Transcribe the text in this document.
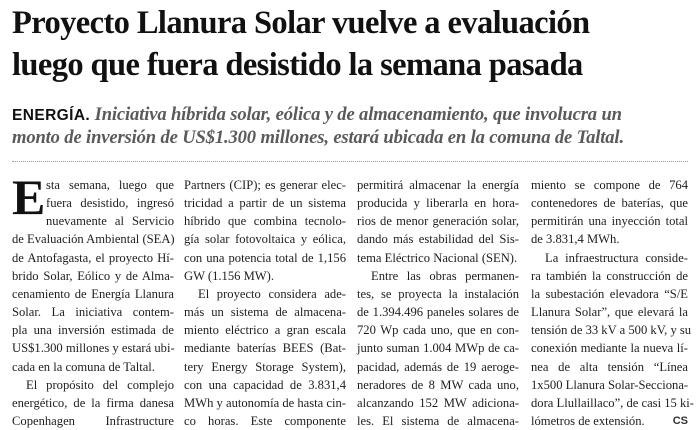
Proyecto Llanura Solar vuelve a evaluación
luego que fuera desistido la semana pasada
ENERGÍA. Iniciativa híbrida solar, eólica y de almacenamiento, que involucra un
monto de inversión de US$1.300 millones, estará ubicada en la comuna de Taltal.
E sta semana, luego que
fuera desistido, ingresó
nuevamente al Servicio
de Evaluación Ambiental (SEA)
de Antofagasta, el proyecto Hí-
brido Solar, Eólico y de Alma-
cenamiento de Energía Llanura
Solar. La iniciativa contem-
pla una inversión estimada de
US$1.300 millones y estará ubi-
cada en la comuna de Taltal.
El propósito del complejo
energético, de la firma danesa
Copenhagen Infrastructure
Partners (CIP); es generar elec-
tricidad a partir de un sistema
híbrido que combina tecnolo-
gía solar fotovoltaica y eólica,
con una potencia total de 1,156
GW (1.156 MW).
El proyecto considera ade-
más un sistema de almacena-
miento eléctrico a gran escala
mediante baterías BEES (Bat-
tery Energy Storage System),
con una capacidad de 3.831,4
MWh y autonomía de hasta cin-
co horas. Este componente
permitirá almacenar la energía
producida y liberarla en hora-
rios de menor generación solar,
dando más estabilidad del Sis-
tema Eléctrico Nacional (SEN).
Entre las obras permanen-
tes, se proyecta la instalación
de 1.394.496 paneles solares de
720 Wp cada uno, que en con-
junto suman 1.004 MWp de ca-
pacidad, además de 19 aeroge-
neradores de 8 MW cada uno,
alcanzando 152 MW adiciona-
les. El sistema de almacena-
miento se compone de 764
contenedores de baterías, que
permitirán una inyección total
de 3.831,4 MWh.
La infraestructura conside-
ra también la construcción de
la subestación elevadora “S/E
Llanura Solar”, que elevará la
tensión de 33 kV a 500 kV, y su
conexión mediante la nueva lí-
nea de alta tensión “Línea
1x500 Llanura Solar-Secciona-
dora Llullaillaco”, de casi 15 ki-
lómetros de extensión.	CS
